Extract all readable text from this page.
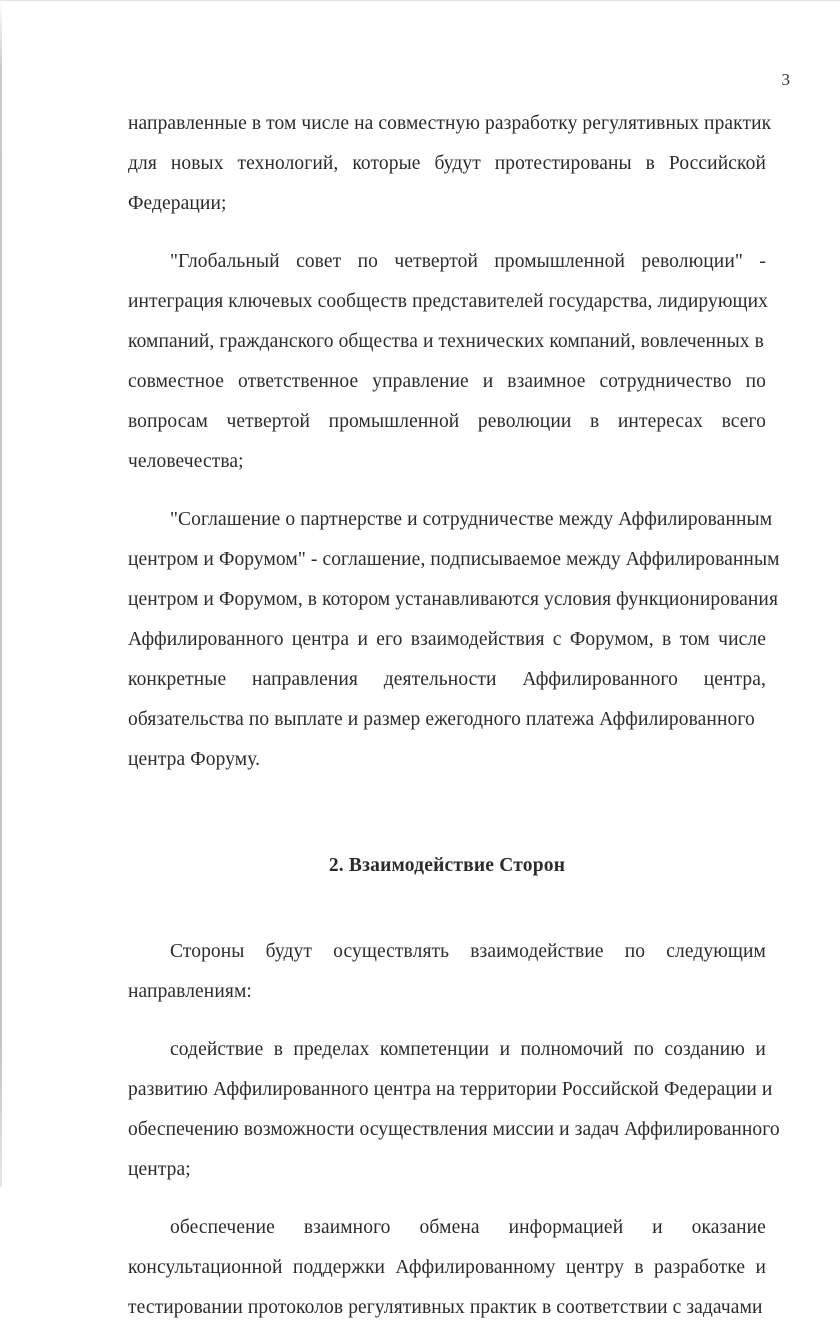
3
направленные в том числе на совместную разработку регулятивных практик
для новых технологий, которые будут протестированы в Российской
Федерации;
"Глобальный совет по четвертой промышленной революции" -
интеграция ключевых сообществ представителей государства, лидирующих
компаний, гражданского общества и технических компаний, вовлеченных в
совместное ответственное управление и взаимное сотрудничество по
вопросам четвертой промышленной революции в интересах всего
человечества;
"Соглашение о партнерстве и сотрудничестве между Аффилированным
центром и Форумом" - соглашение, подписываемое между Аффилированным
центром и Форумом, в котором устанавливаются условия функционирования
Аффилированного центра и его взаимодействия с Форумом, в том числе
конкретные направления деятельности Аффилированного центра,
обязательства по выплате и размер ежегодного платежа Аффилированного
центра Форуму.
2. Взаимодействие Сторон
Стороны будут осуществлять взаимодействие по следующим
направлениям:
содействие в пределах компетенции и полномочий по созданию и
развитию Аффилированного центра на территории Российской Федерации и
обеспечению возможности осуществления миссии и задач Аффилированного
центра;
обеспечение взаимного обмена информацией и оказание
консультационной поддержки Аффилированному центру в разработке и
тестировании протоколов регулятивных практик в соответствии с задачами
